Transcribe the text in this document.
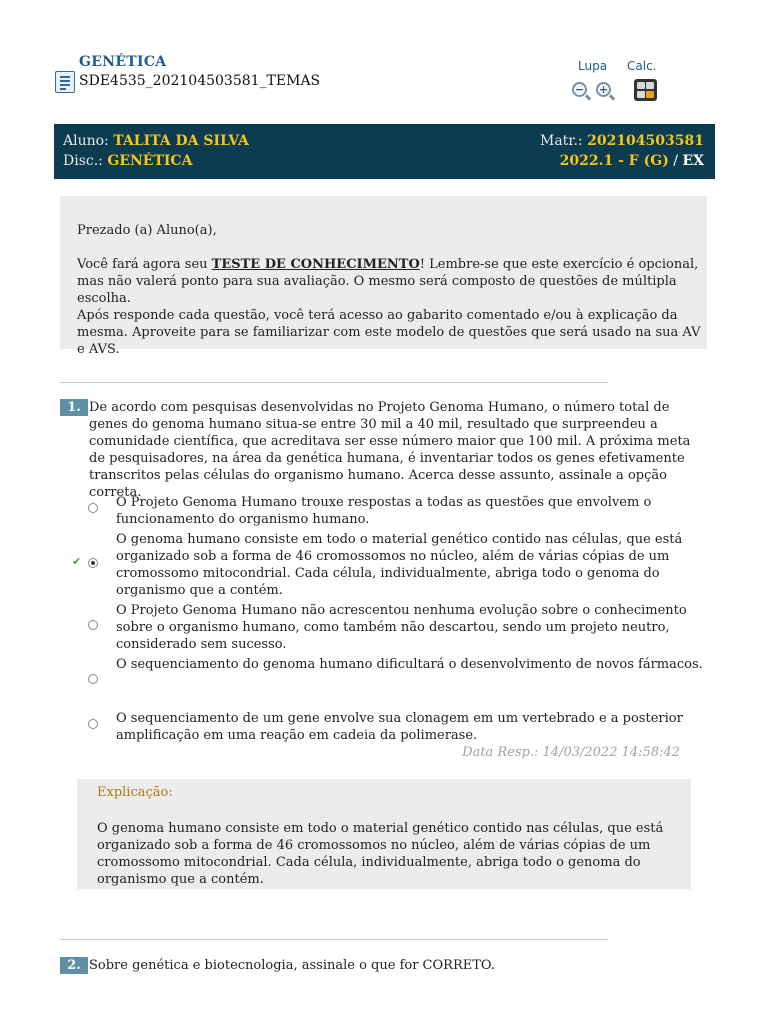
GENÉTICA
SDE4535_202104503581_TEMAS
Lupa Calc.
− +
Aluno: TALITA DA SILVA
Disc.: GENÉTICA
Matr.: 202104503581
2022.1 - F (G) / EX

Prezado (a) Aluno(a),

Você fará agora seu TESTE DE CONHECIMENTO! Lembre-se que este exercício é opcional, mas não valerá ponto para sua avaliação. O mesmo será composto de questões de múltipla escolha.

Após responde cada questão, você terá acesso ao gabarito comentado e/ou à explicação da mesma. Aproveite para se familiarizar com este modelo de questões que será usado na sua AV e AVS.

1. De acordo com pesquisas desenvolvidas no Projeto Genoma Humano, o número total de genes do genoma humano situa-se entre 30 mil a 40 mil, resultado que surpreendeu a comunidade científica, que acreditava ser esse número maior que 100 mil. A próxima meta de pesquisadores, na área da genética humana, é inventariar todos os genes efetivamente transcritos pelas células do organismo humano. Acerca desse assunto, assinale a opção correta.
O Projeto Genoma Humano trouxe respostas a todas as questões que envolvem o funcionamento do organismo humano.
✔
O genoma humano consiste em todo o material genético contido nas células, que está organizado sob a forma de 46 cromossomos no núcleo, além de várias cópias de um cromossomo mitocondrial. Cada célula, individualmente, abriga todo o genoma do organismo que a contém.
O Projeto Genoma Humano não acrescentou nenhuma evolução sobre o conhecimento sobre o organismo humano, como também não descartou, sendo um projeto neutro, considerado sem sucesso.
O sequenciamento do genoma humano dificultará o desenvolvimento de novos fármacos.
O sequenciamento de um gene envolve sua clonagem em um vertebrado e a posterior amplificação em uma reação em cadeia da polimerase.
Data Resp.: 14/03/2022 14:58:42
Explicação:
O genoma humano consiste em todo o material genético contido nas células, que está organizado sob a forma de 46 cromossomos no núcleo, além de várias cópias de um cromossomo mitocondrial. Cada célula, individualmente, abriga todo o genoma do organismo que a contém.
2. Sobre genética e biotecnologia, assinale o que for CORRETO.
